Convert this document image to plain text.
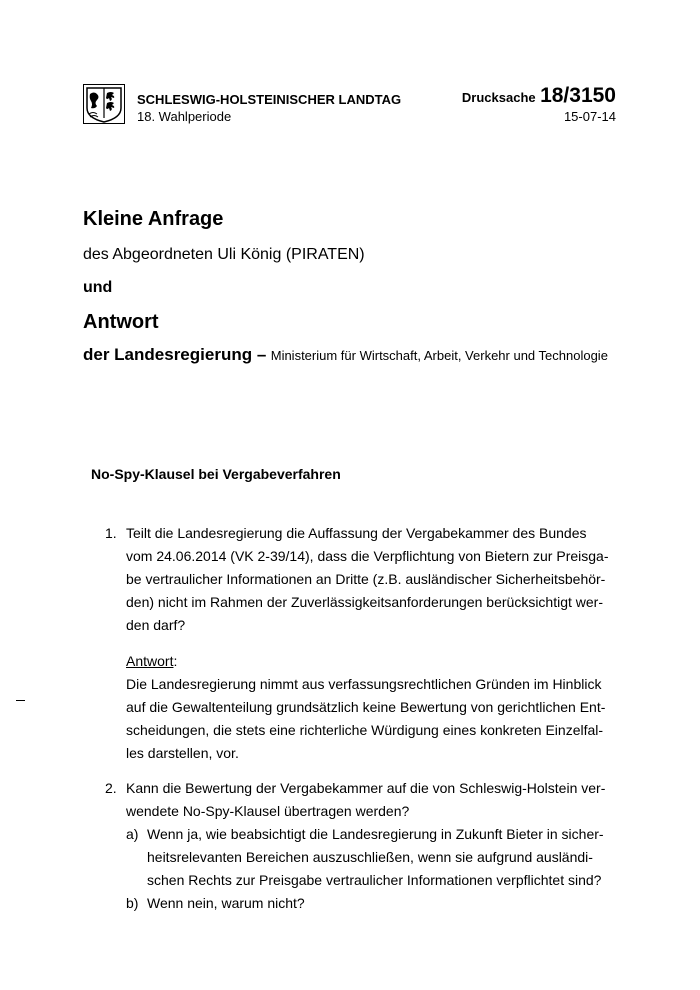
SCHLESWIG-HOLSTEINISCHER LANDTAG
18. Wahlperiode
Drucksache 18/3150
15-07-14
Kleine Anfrage
des Abgeordneten Uli König (PIRATEN)
und
Antwort
der Landesregierung – Ministerium für Wirtschaft, Arbeit, Verkehr und Technologie
No-Spy-Klausel bei Vergabeverfahren
1. Teilt die Landesregierung die Auffassung der Vergabekammer des Bundes
vom 24.06.2014 (VK 2-39/14), dass die Verpflichtung von Bietern zur Preisga-
be vertraulicher Informationen an Dritte (z.B. ausländischer Sicherheitsbehör-
den) nicht im Rahmen der Zuverlässigkeitsanforderungen berücksichtigt wer-
den darf?
Antwort:
Die Landesregierung nimmt aus verfassungsrechtlichen Gründen im Hinblick
auf die Gewaltenteilung grundsätzlich keine Bewertung von gerichtlichen Ent-
scheidungen, die stets eine richterliche Würdigung eines konkreten Einzelfal-
les darstellen, vor.
2. Kann die Bewertung der Vergabekammer auf die von Schleswig-Holstein ver-
wendete No-Spy-Klausel übertragen werden?
a) Wenn ja, wie beabsichtigt die Landesregierung in Zukunft Bieter in sicher-
heitsrelevanten Bereichen auszuschließen, wenn sie aufgrund ausländi-
schen Rechts zur Preisgabe vertraulicher Informationen verpflichtet sind?
b) Wenn nein, warum nicht?
